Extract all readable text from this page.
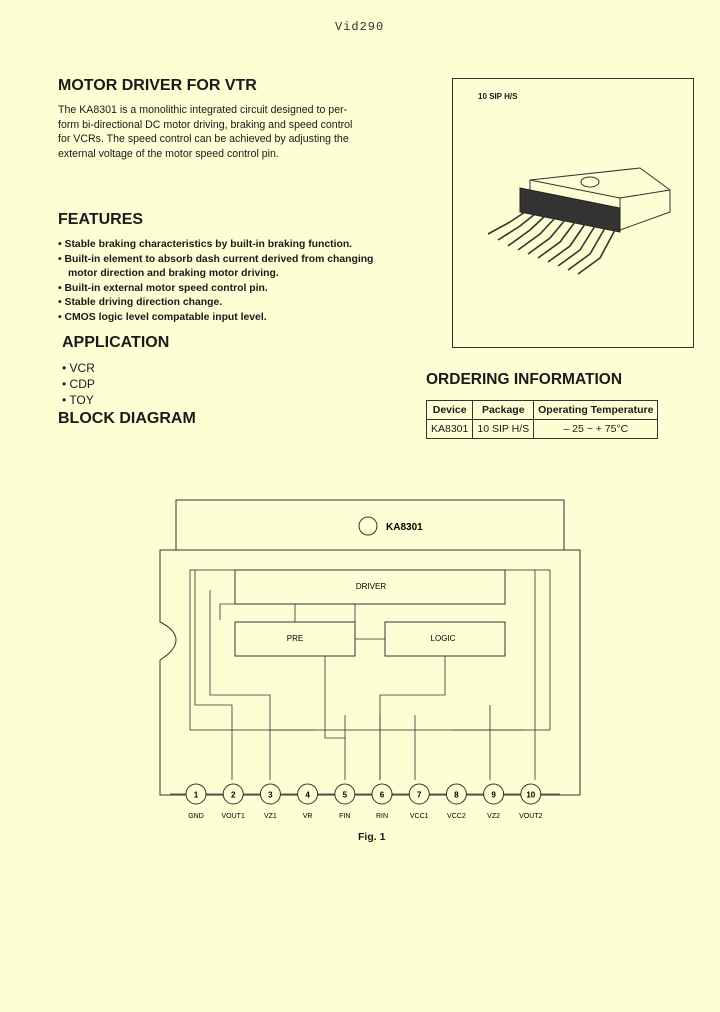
Vid290
MOTOR DRIVER FOR VTR
The KA8301 is a monolithic integrated circuit designed to per-
form bi-directional DC motor driving, braking and speed control
for VCRs. The speed control can be achieved by adjusting the
external voltage of the motor speed control pin.
FEATURES
• Stable braking characteristics by built-in braking function.
• Built-in element to absorb dash current derived from changing
motor direction and braking motor driving.
• Built-in external motor speed control pin.
• Stable driving direction change.
• CMOS logic level compatable input level.
APPLICATION
• VCR
• CDP
• TOY
BLOCK DIAGRAM
10 SIP H/S
ORDERING INFORMATION
Device	Package	Operating Temperature
KA8301	10 SIP H/S	– 25 ~ + 75°C
KA8301
DRIVER
PRE	LOGIC
1
GND
2
VOUT1
3
VZ1
4
VR
5
FIN
6
RIN
7
VCC1
8
VCC2
9
VZ2
10
VOUT2
Fig. 1
